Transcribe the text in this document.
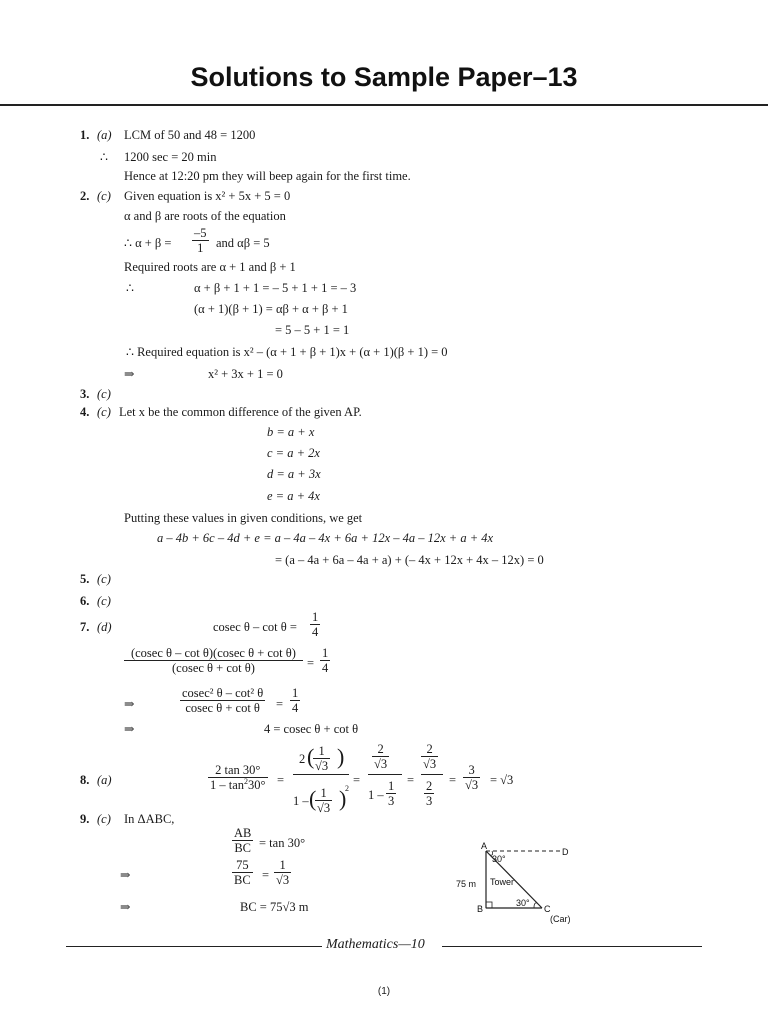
Solutions to Sample Paper–13
1. (a) LCM of 50 and 48 = 1200
∴ 1200 sec = 20 min
Hence at 12:20 pm they will beep again for the first time.
2. (c) Given equation is x² + 5x + 5 = 0
α and β are roots of the equation
∴ $\alpha + \beta = \frac{-5}{1}$ and αβ = 5
Required roots are α + 1 and β + 1
∴	α + β + 1 + 1 = – 5 + 1 + 1 = – 3
(α + 1)(β + 1) = αβ + α + β + 1
= 5 – 5 + 1 = 1
∴ Required equation is x² – (α + 1 + β + 1)x + (α + 1)(β + 1) = 0
⇒	x² + 3x + 1 = 0
3. (c)
4. (c) Let x be the common difference of the given AP.
b = a + x
c = a + 2x
d = a + 3x
e = a + 4x
Putting these values in given conditions, we get
a – 4b + 6c – 4d + e = a – 4a – 4x + 6a + 12x – 4a – 12x + a + 4x
= (a – 4a + 6a – 4a + a) + (– 4x + 12x + 4x – 12x) = 0
5. (c)
6. (c)
7. (d)	cosec $\theta - \cot \theta = \frac{1}{4}$
$\frac{\text{(cosec θ – cot θ)(cosec θ + cot θ)}}{\text{(cosec θ + cot θ)}} = \frac{1}{4}$
⇒	$\frac{\text{cosec² θ – cot² θ}}{\text{cosec θ + cot θ}} = \frac{1}{4}$
⇒	4 = cosec θ + cot θ
8. (a)	$\frac{2 \tan 30^\circ}{1 - \tan^230^\circ}$ =
2 (
$\frac{1}{√3}$ )
1 – (
$\frac{1}{√3}$ )
2
=
$\frac{2}{√3}$
$1 - \frac{1}{3}$ =
$\frac{2}{√3}$
$\frac{2}{3} = \frac{3}{√3} = √3$
9. (c) In ΔABC,
$\frac{AB}{BC} = \tan 30^\circ$
⇒	$\frac{75}{BC} = \frac{1}{√3}$
⇒	BC = 75√3 m
A
D
B	C
30°
30°
75 m Tower
(Car)
Mathematics—10
(1)
